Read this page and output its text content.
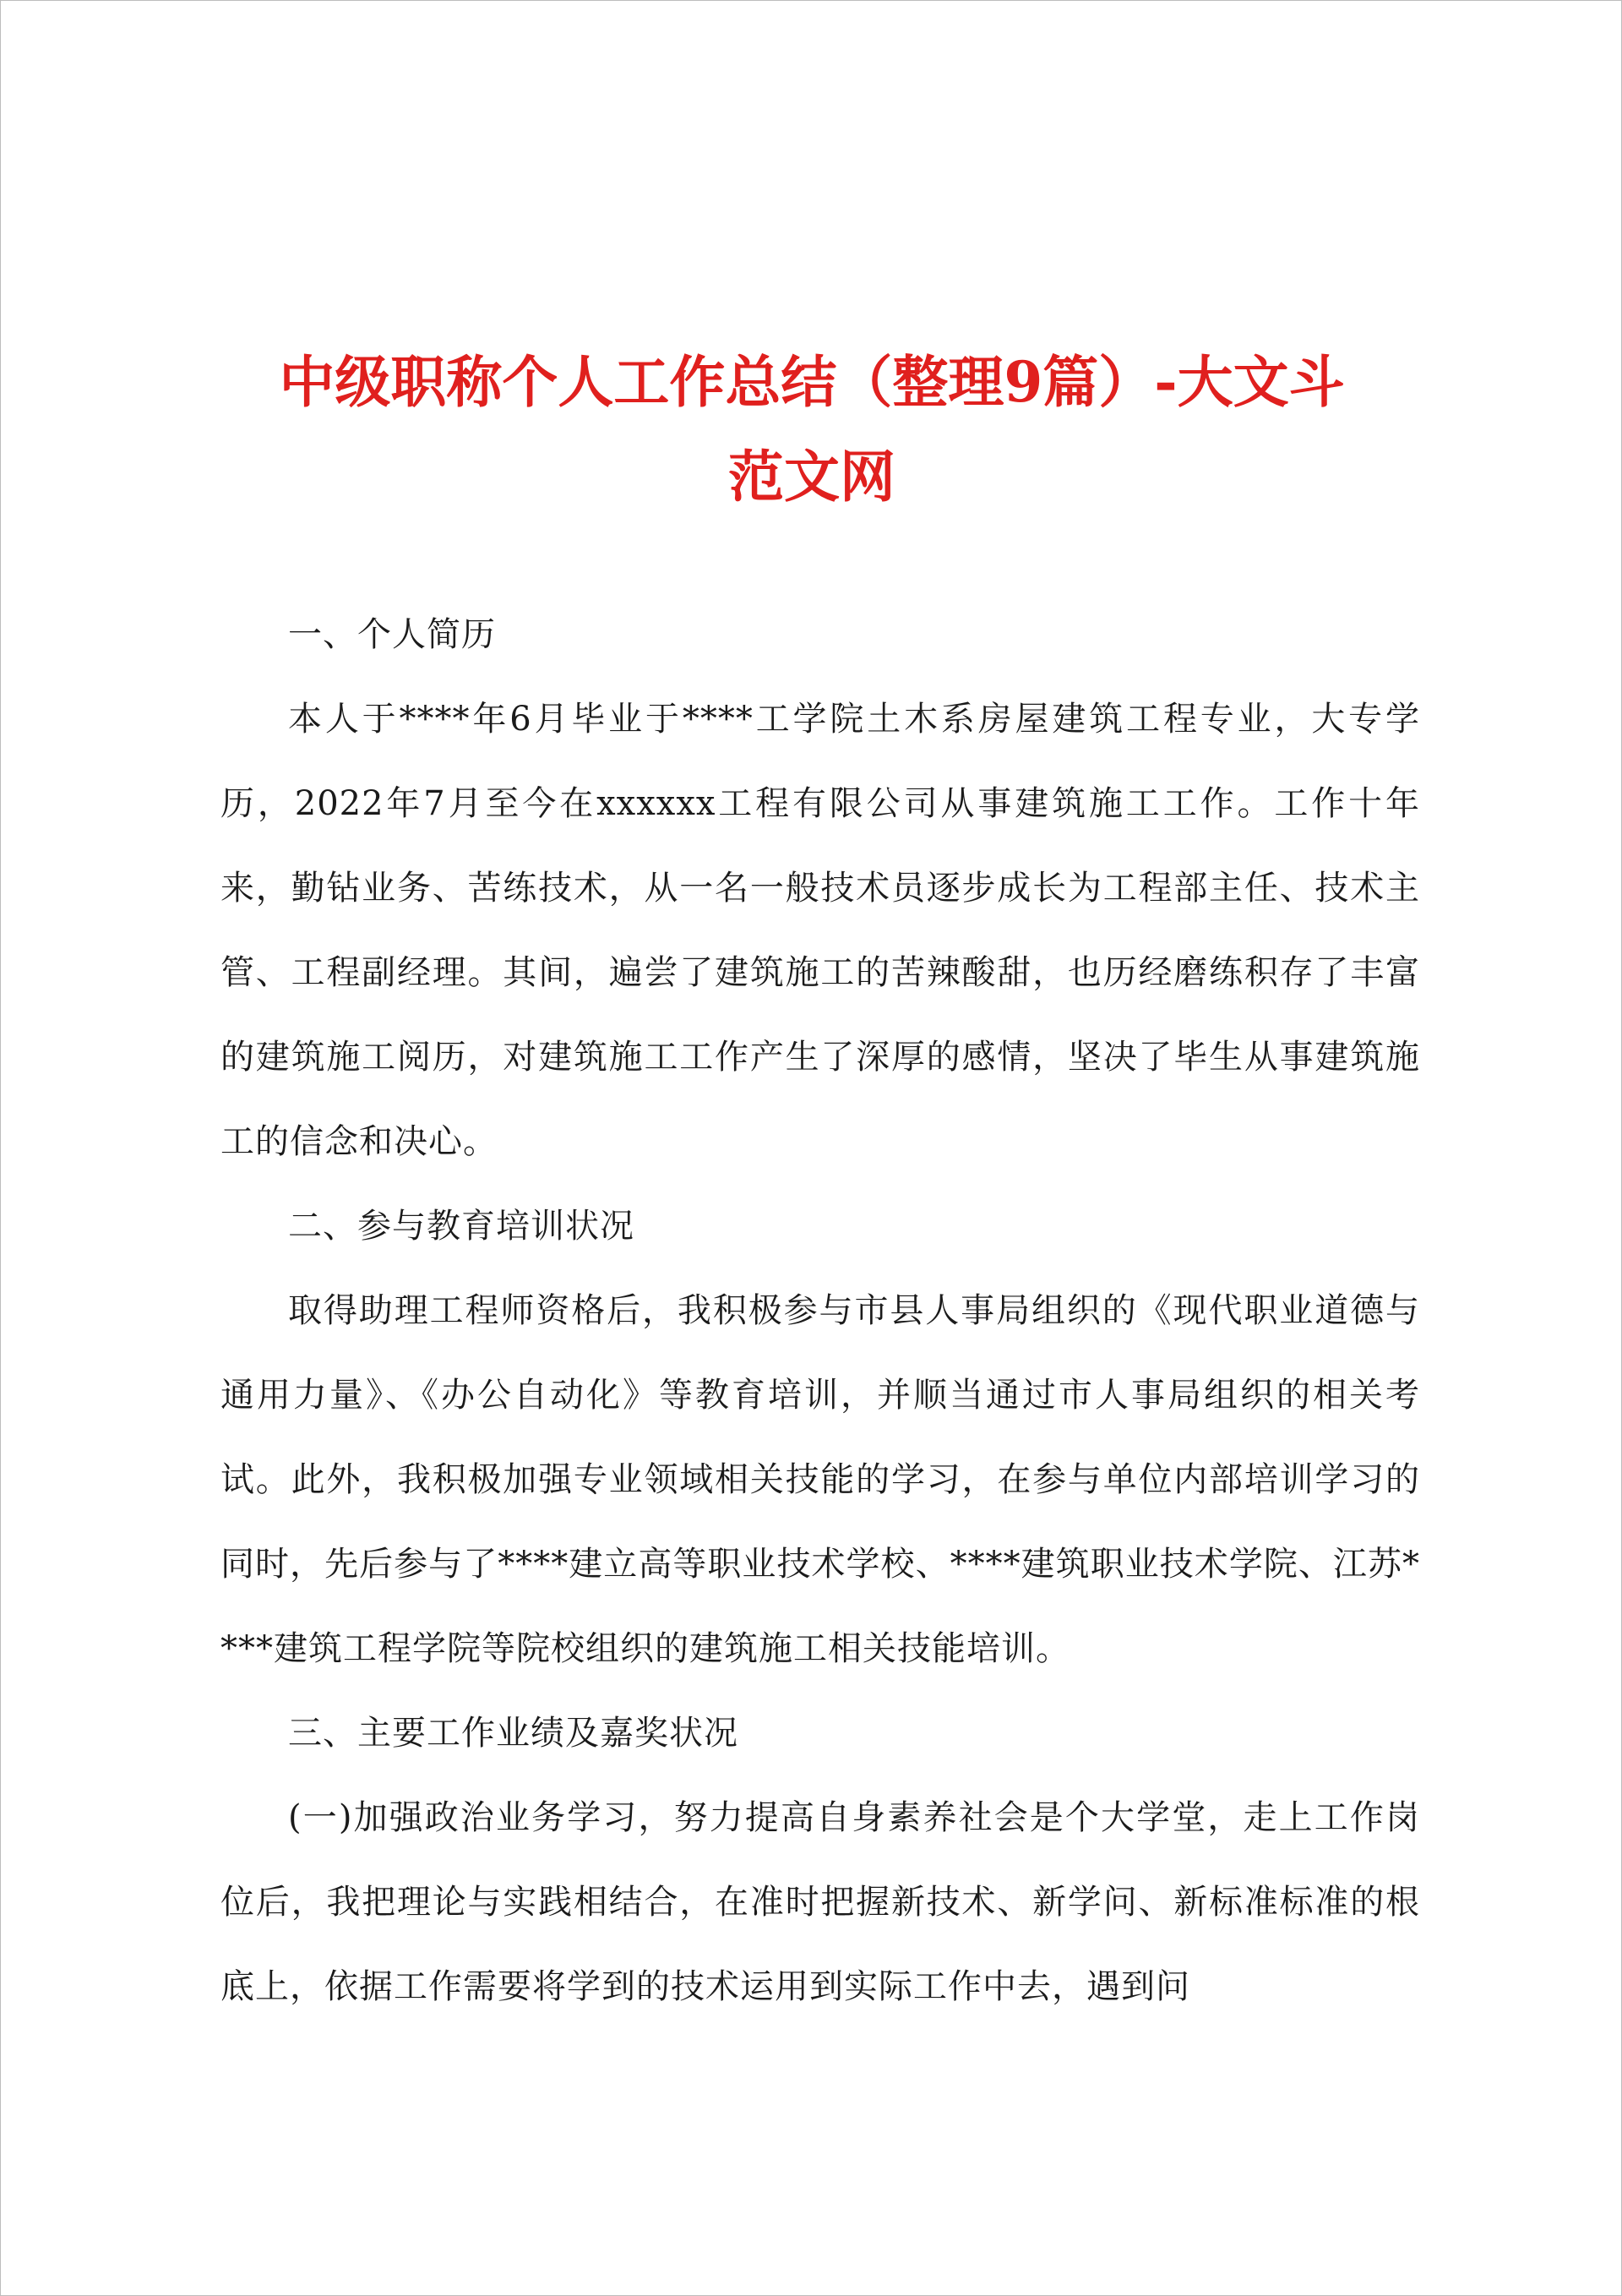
中级职称个人工作总结（整理9篇）-大文斗
范文网

一、个人简历

本人于****年6月毕业于****工学院土木系房屋建筑工程专业，大专学历，2022年7月至今在xxxxxx工程有限公司从事建筑施工工作。工作十年来，勤钻业务、苦练技术，从一名一般技术员逐步成长为工程部主任、技术主管、工程副经理。其间，遍尝了建筑施工的苦辣酸甜，也历经磨练积存了丰富的建筑施工阅历，对建筑施工工作产生了深厚的感情，坚决了毕生从事建筑施工的信念和决心。

二、参与教育培训状况

取得助理工程师资格后，我积极参与市县人事局组织的《现代职业道德与通用力量》、《办公自动化》等教育培训，并顺当通过市人事局组织的相关考试。此外，我积极加强专业领域相关技能的学习，在参与单位内部培训学习的同时，先后参与了****建立高等职业技术学校、****建筑职业技术学院、江苏****建筑工程学院等院校组织的建筑施工相关技能培训。

三、主要工作业绩及嘉奖状况

(一)加强政治业务学习，努力提高自身素养社会是个大学堂，走上工作岗位后，我把理论与实践相结合，在准时把握新技术、新学问、新标准标准的根底上，依据工作需要将学到的技术运用到实际工作中去，遇到问
